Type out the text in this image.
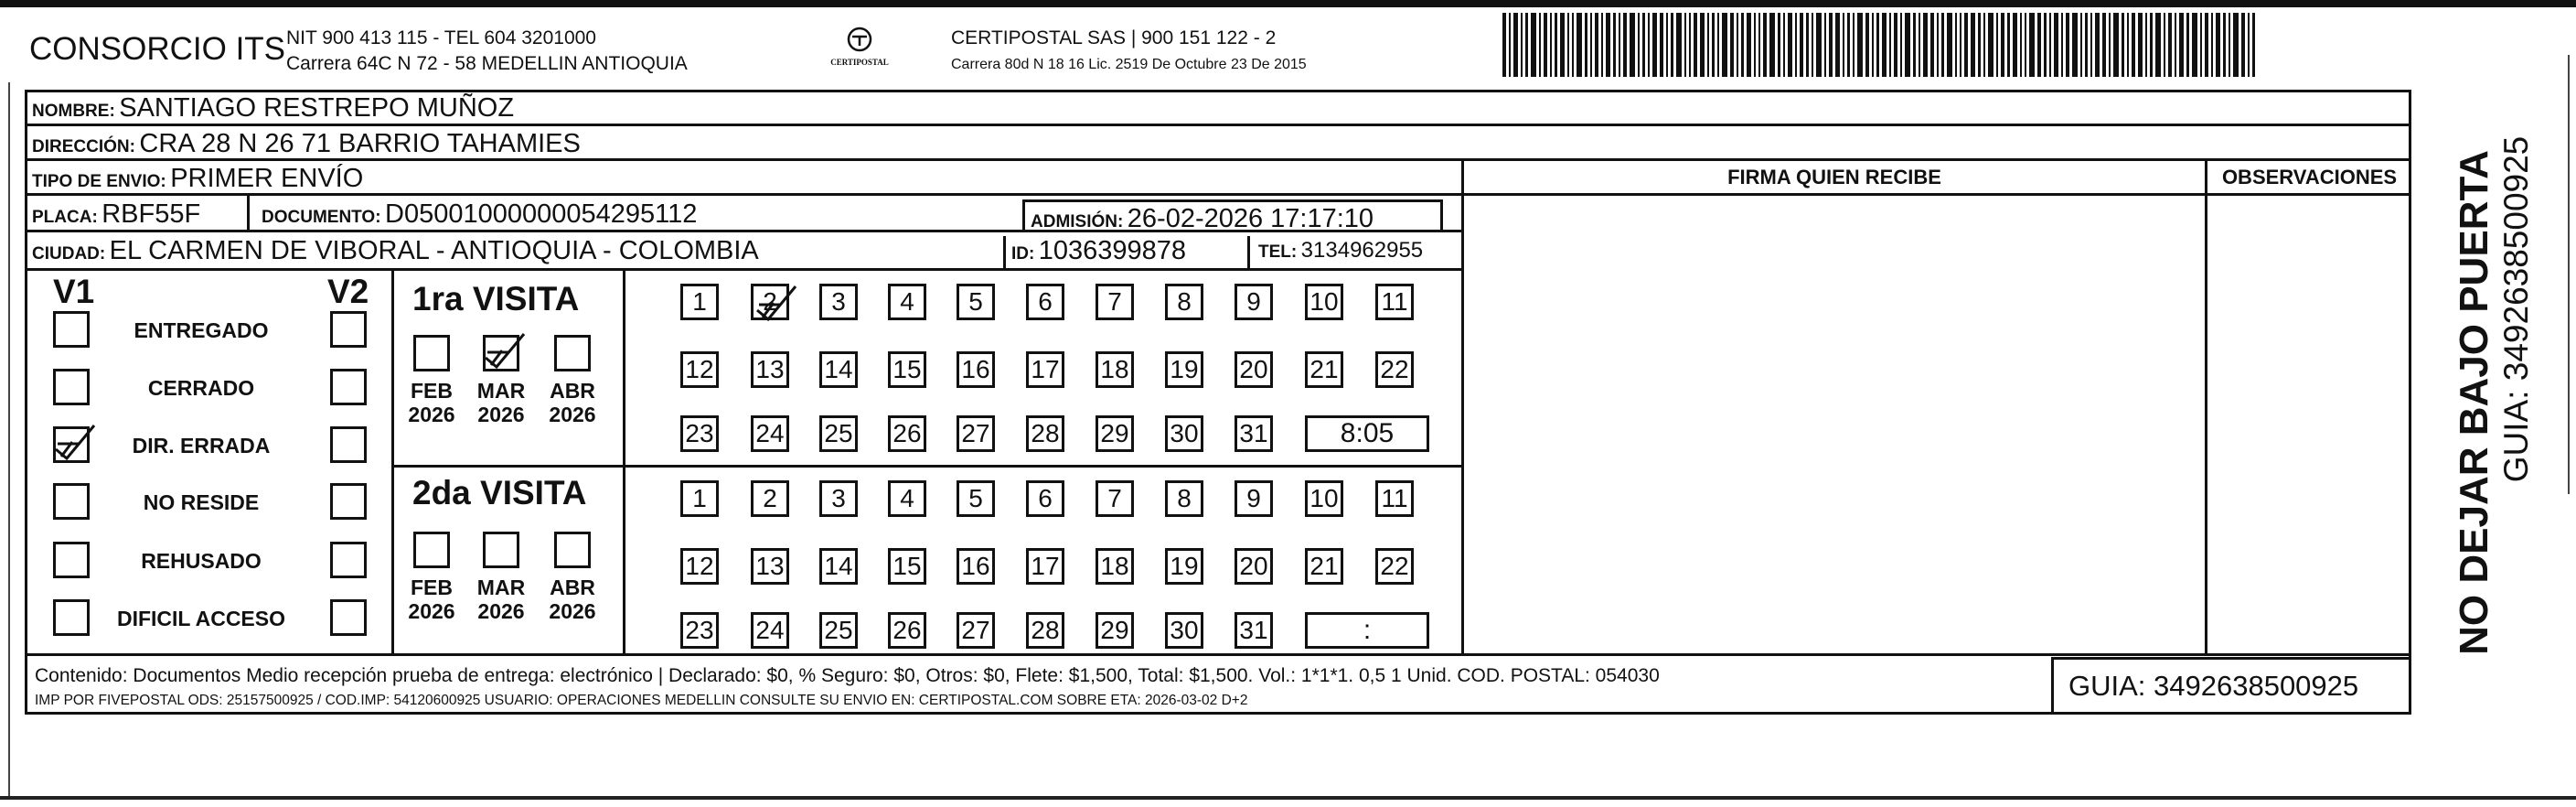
CONSORCIO ITS NIT 900 413 115 - TEL 604 3201000
Carrera 64C N 72 - 58 MEDELLIN ANTIOQUIA	CERTIPOSTAL
CERTIPOSTAL SAS | 900 151 122 - 2
Carrera 80d N 18 16 Lic. 2519 De Octubre 23 De 2015
NOMBRE: SANTIAGO RESTREPO MUÑOZ
DIRECCIÓN: CRA 28 N 26 71 BARRIO TAHAMIES
TIPO DE ENVIO: PRIMER ENVÍO
PLACA: RBF55F	DOCUMENTO: D05001000000054295112	ADMISIÓN: 26-02-2026 17:17:10
CIUDAD: EL CARMEN DE VIBORAL - ANTIOQUIA - COLOMBIA	ID: 1036399878	TEL: 3134962955
FIRMA QUIEN RECIBE	OBSERVACIONES
V1	V2
ENTREGADO
CERRADO
DIR. ERRADA
NO RESIDE
REHUSADO
DIFICIL ACCESO
1ra VISITA
2da VISITA
FEB
2026
MAR
2026
ABR
2026
1	2	3	4	5	6	7	8	9	10 11
12 13 14 15 16 17 18 19 20 21 22
23 24 25 26 27 28 29 30 31	8:05
FEB
2026
MAR
2026
ABR
2026
1	2	3	4	5	6	7	8	9	10 11
12 13 14 15 16 17 18 19 20 21 22
23 24 25 26 27 28 29 30 31	:
Contenido: Documentos Medio recepción prueba de entrega: electrónico | Declarado: $0, % Seguro: $0, Otros: $0, Flete: $1,500, Total: $1,500. Vol.: 1*1*1. 0,5 1 Unid. COD. POSTAL: 054030
IMP POR FIVEPOSTAL ODS: 25157500925 / COD.IMP: 54120600925 USUARIO: OPERACIONES MEDELLIN CONSULTE SU ENVIO EN: CERTIPOSTAL.COM SOBRE ETA: 2026-03-02 D+2	GUIA: 3492638500925
NO DEJAR BAJO PUERTA GUIA: 3492638500925
